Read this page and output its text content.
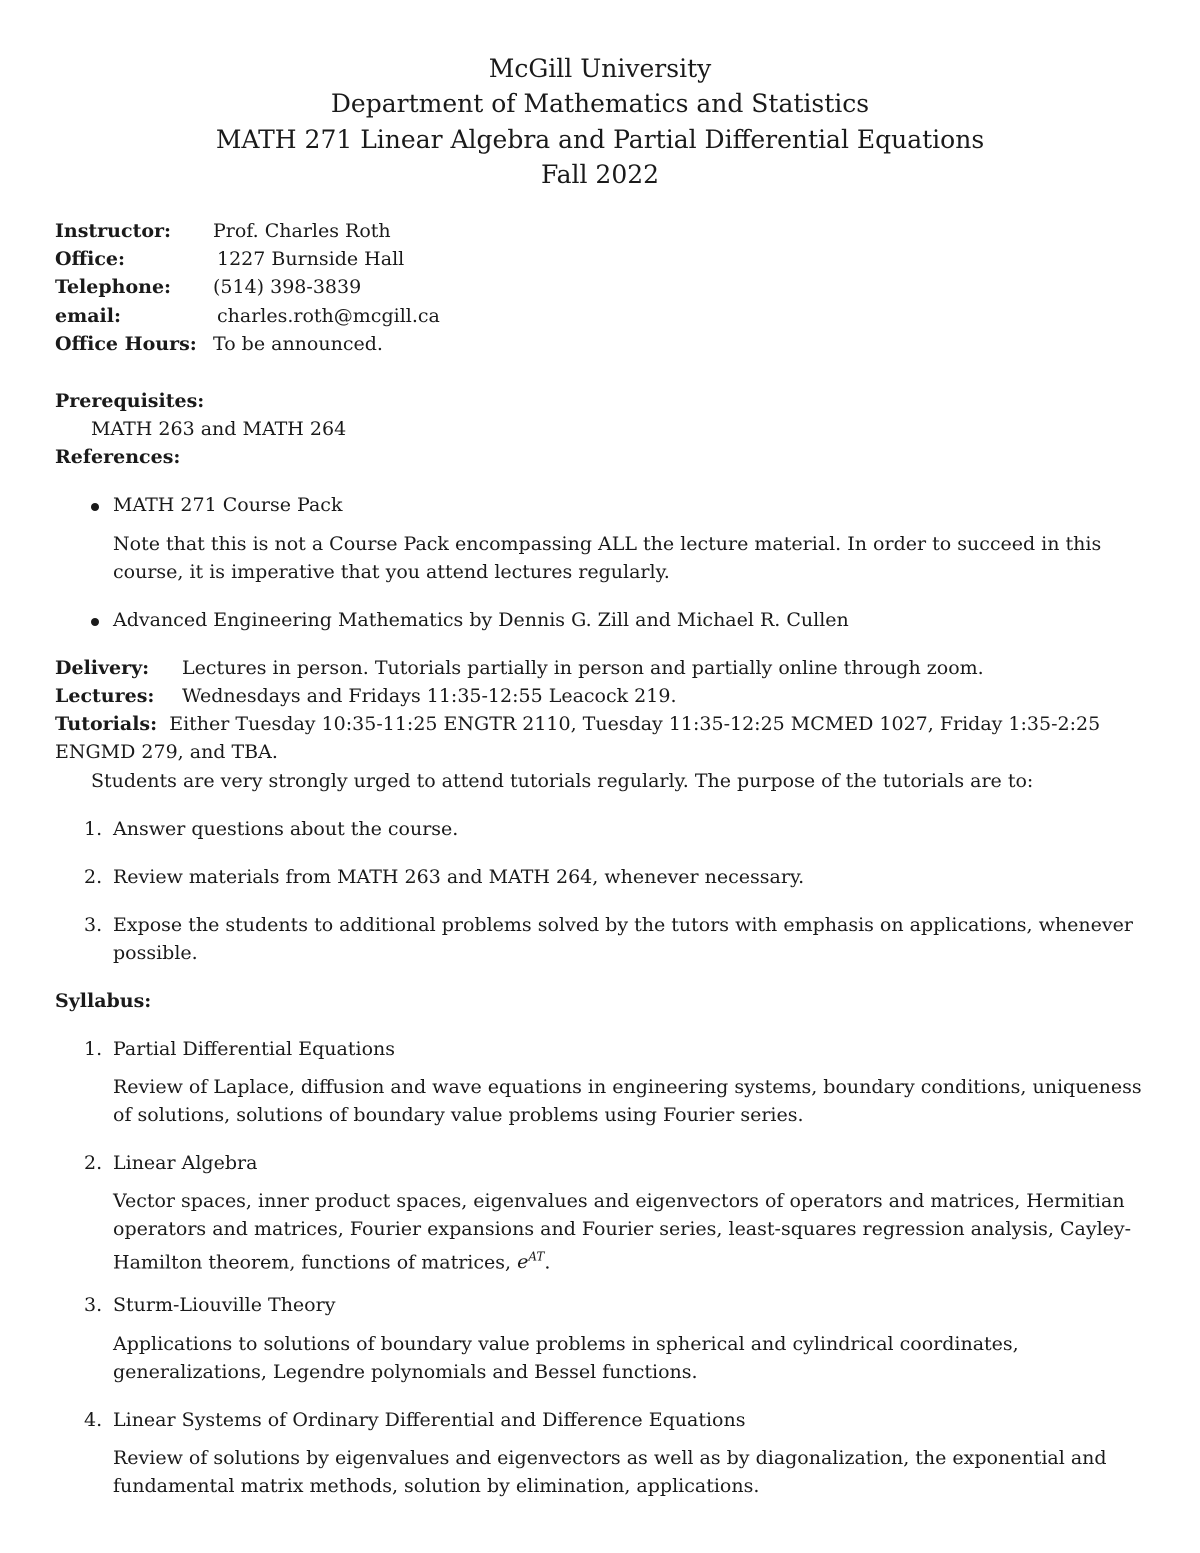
McGill University
Department of Mathematics and Statistics
MATH 271 Linear Algebra and Partial Differential Equations
Fall 2022
Instructor: Prof. Charles Roth
Office:	1227 Burnside Hall
Telephone: (514) 398-3839
email:	charles.roth@mcgill.ca
Office Hours: To be announced.
Prerequisites:
MATH 263 and MATH 264
References:
MATH 271 Course Pack
Note that this is not a Course Pack encompassing ALL the lecture material. In order to succeed in this course, it is imperative that you attend lectures regularly.
Advanced Engineering Mathematics by Dennis G. Zill and Michael R. Cullen
Delivery: Lectures in person. Tutorials partially in person and partially online through zoom.
Lectures: Wednesdays and Fridays 11:35-12:55 Leacock 219.
Tutorials: Either Tuesday 10:35-11:25 ENGTR 2110, Tuesday 11:35-12:25 MCMED 1027, Friday 1:35-2:25 ENGMD 279, and TBA.
Students are very strongly urged to attend tutorials regularly. The purpose of the tutorials are to:
1. Answer questions about the course.
2. Review materials from MATH 263 and MATH 264, whenever necessary.
3. Expose the students to additional problems solved by the tutors with emphasis on applications, whenever possible.
Syllabus:
1. Partial Differential Equations
Review of Laplace, diffusion and wave equations in engineering systems, boundary conditions, uniqueness of solutions, solutions of boundary value problems using Fourier series.
2. Linear Algebra
Vector spaces, inner product spaces, eigenvalues and eigenvectors of operators and matrices, Hermitian operators and matrices, Fourier expansions and Fourier series, least-squares regression analysis, Cayley-Hamilton theorem, functions of matrices, $e^{AT}$.
3. Sturm-Liouville Theory
Applications to solutions of boundary value problems in spherical and cylindrical coordinates, generalizations, Legendre polynomials and Bessel functions.
4. Linear Systems of Ordinary Differential and Difference Equations
Review of solutions by eigenvalues and eigenvectors as well as by diagonalization, the exponential and fundamental matrix methods, solution by elimination, applications.
